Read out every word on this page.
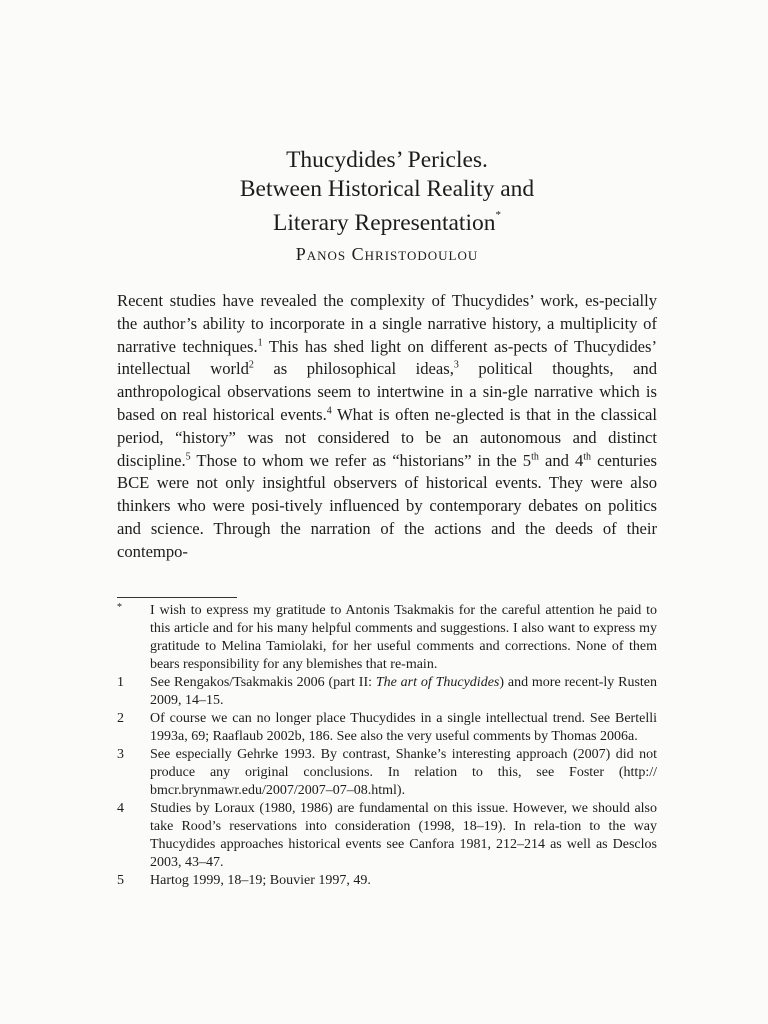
Thucydides’ Pericles.
Between Historical Reality and
Literary Representation*
Panos Christodoulou
Recent studies have revealed the complexity of Thucydides’ work, es-pecially the author’s ability to incorporate in a single narrative history, a multiplicity of narrative techniques.$^1$ This has shed light on different as-pects of Thucydides’ intellectual world$^2$ as philosophical ideas,$^3$ political thoughts, and anthropological observations seem to intertwine in a sin-gle narrative which is based on real historical events.$^4$ What is often ne-glected is that in the classical period, “history” was not considered to be an autonomous and distinct discipline.$^5$ Those to whom we refer as “historians” in the 5th and 4th centuries BCE were not only insightful observers of historical events. They were also thinkers who were posi-tively influenced by contemporary debates on politics and science. Through the narration of the actions and the deeds of their contempo-
*	I wish to express my gratitude to Antonis Tsakmakis for the careful attention he paid to this article and for his many helpful comments and suggestions. I also want to express my gratitude to Melina Tamiolaki, for her useful comments and corrections. None of them bears responsibility for any blemishes that re-main.
1	See Rengakos/Tsakmakis 2006 (part II: The art of Thucydides) and more recent-ly Rusten 2009, 14–15.
2	Of course we can no longer place Thucydides in a single intellectual trend. See Bertelli 1993a, 69; Raaflaub 2002b, 186. See also the very useful comments by Thomas 2006a.
3	See especially Gehrke 1993. By contrast, Shanke’s interesting approach (2007) did not produce any original conclusions. In relation to this, see Foster (http:// bmcr.brynmawr.edu/2007/2007–07–08.html).
4	Studies by Loraux (1980, 1986) are fundamental on this issue. However, we should also take Rood’s reservations into consideration (1998, 18–19). In rela-tion to the way Thucydides approaches historical events see Canfora 1981, 212–214 as well as Desclos 2003, 43–47.
5	Hartog 1999, 18–19; Bouvier 1997, 49.
